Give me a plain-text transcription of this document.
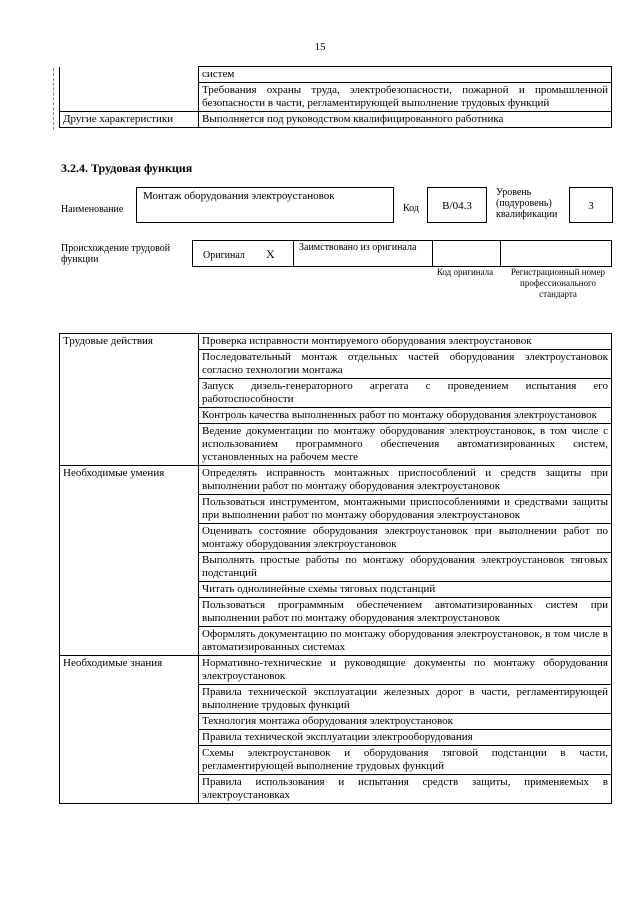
15
	систем
	Требования охраны труда, электробезопасности, пожарной и промышленной безопасности в части, регламентирующей выполнение трудовых функций
Другие характеристики	Выполняется под руководством квалифицированного работника
3.2.4. Трудовая функция
Наименование
Монтаж оборудования электроустановок
Код	B/04.3
Уровень (подуровень) квалификации
3
Происхождение трудовой функции	Оригинал X Заимствовано из оригинала
Код оригинала	Регистрационный номер профессионального стандарта
Трудовые действия	Проверка исправности монтируемого оборудования электроустановок
	Последовательный монтаж отдельных частей оборудования электроустановок согласно технологии монтажа
	Запуск дизель-генераторного агрегата с проведением испытания его работоспособности
	Контроль качества выполненных работ по монтажу оборудования электроустановок
	Ведение документации по монтажу оборудования электроустановок, в том числе с использованием программного обеспечения автоматизированных систем, установленных на рабочем месте
Необходимые умения	Определять исправность монтажных приспособлений и средств защиты при выполнении работ по монтажу оборудования электроустановок
	Пользоваться инструментом, монтажными приспособлениями и средствами защиты при выполнении работ по монтажу оборудования электроустановок
	Оценивать состояние оборудования электроустановок при выполнении работ по монтажу оборудования электроустановок
	Выполнять простые работы по монтажу оборудования электроустановок тяговых подстанций
	Читать однолинейные схемы тяговых подстанций
	Пользоваться программным обеспечением автоматизированных систем при выполнении работ по монтажу оборудования электроустановок
	Оформлять документацию по монтажу оборудования электроустановок, в том числе в автоматизированных системах
Необходимые знания	Нормативно-технические и руководящие документы по монтажу оборудования электроустановок
	Правила технической эксплуатации железных дорог в части, регламентирующей выполнение трудовых функций
	Технология монтажа оборудования электроустановок
	Правила технической эксплуатации электрооборудования
	Схемы электроустановок и оборудования тяговой подстанции в части, регламентирующей выполнение трудовых функций
	Правила использования и испытания средств защиты, применяемых в электроустановках
